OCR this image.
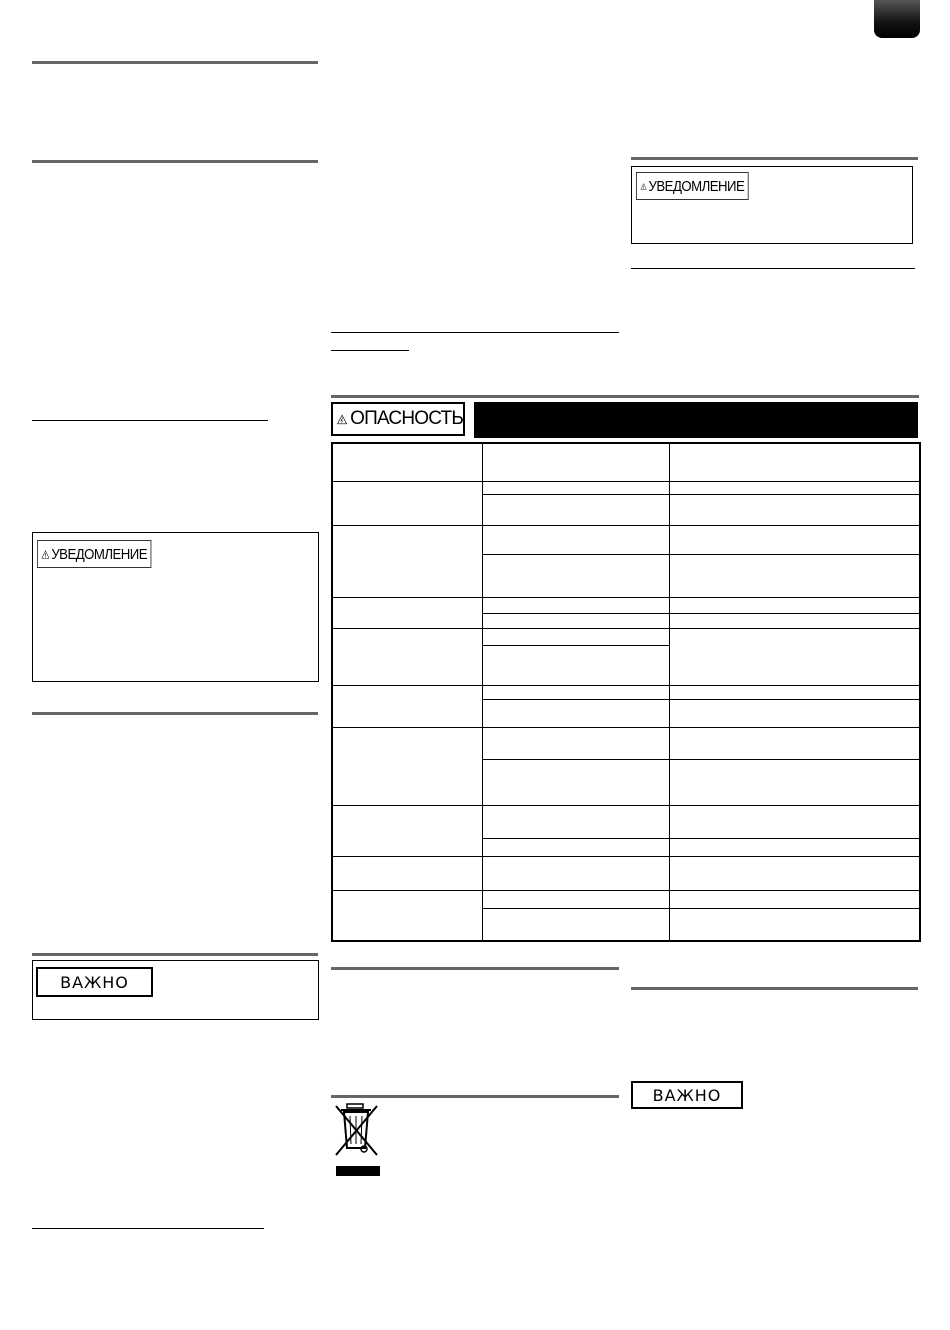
УВЕДОМЛЕНИЕ
ВАЖНО
УВЕДОМЛЕНИЕ
ОПАСНОСТЬ

ВАЖНО
